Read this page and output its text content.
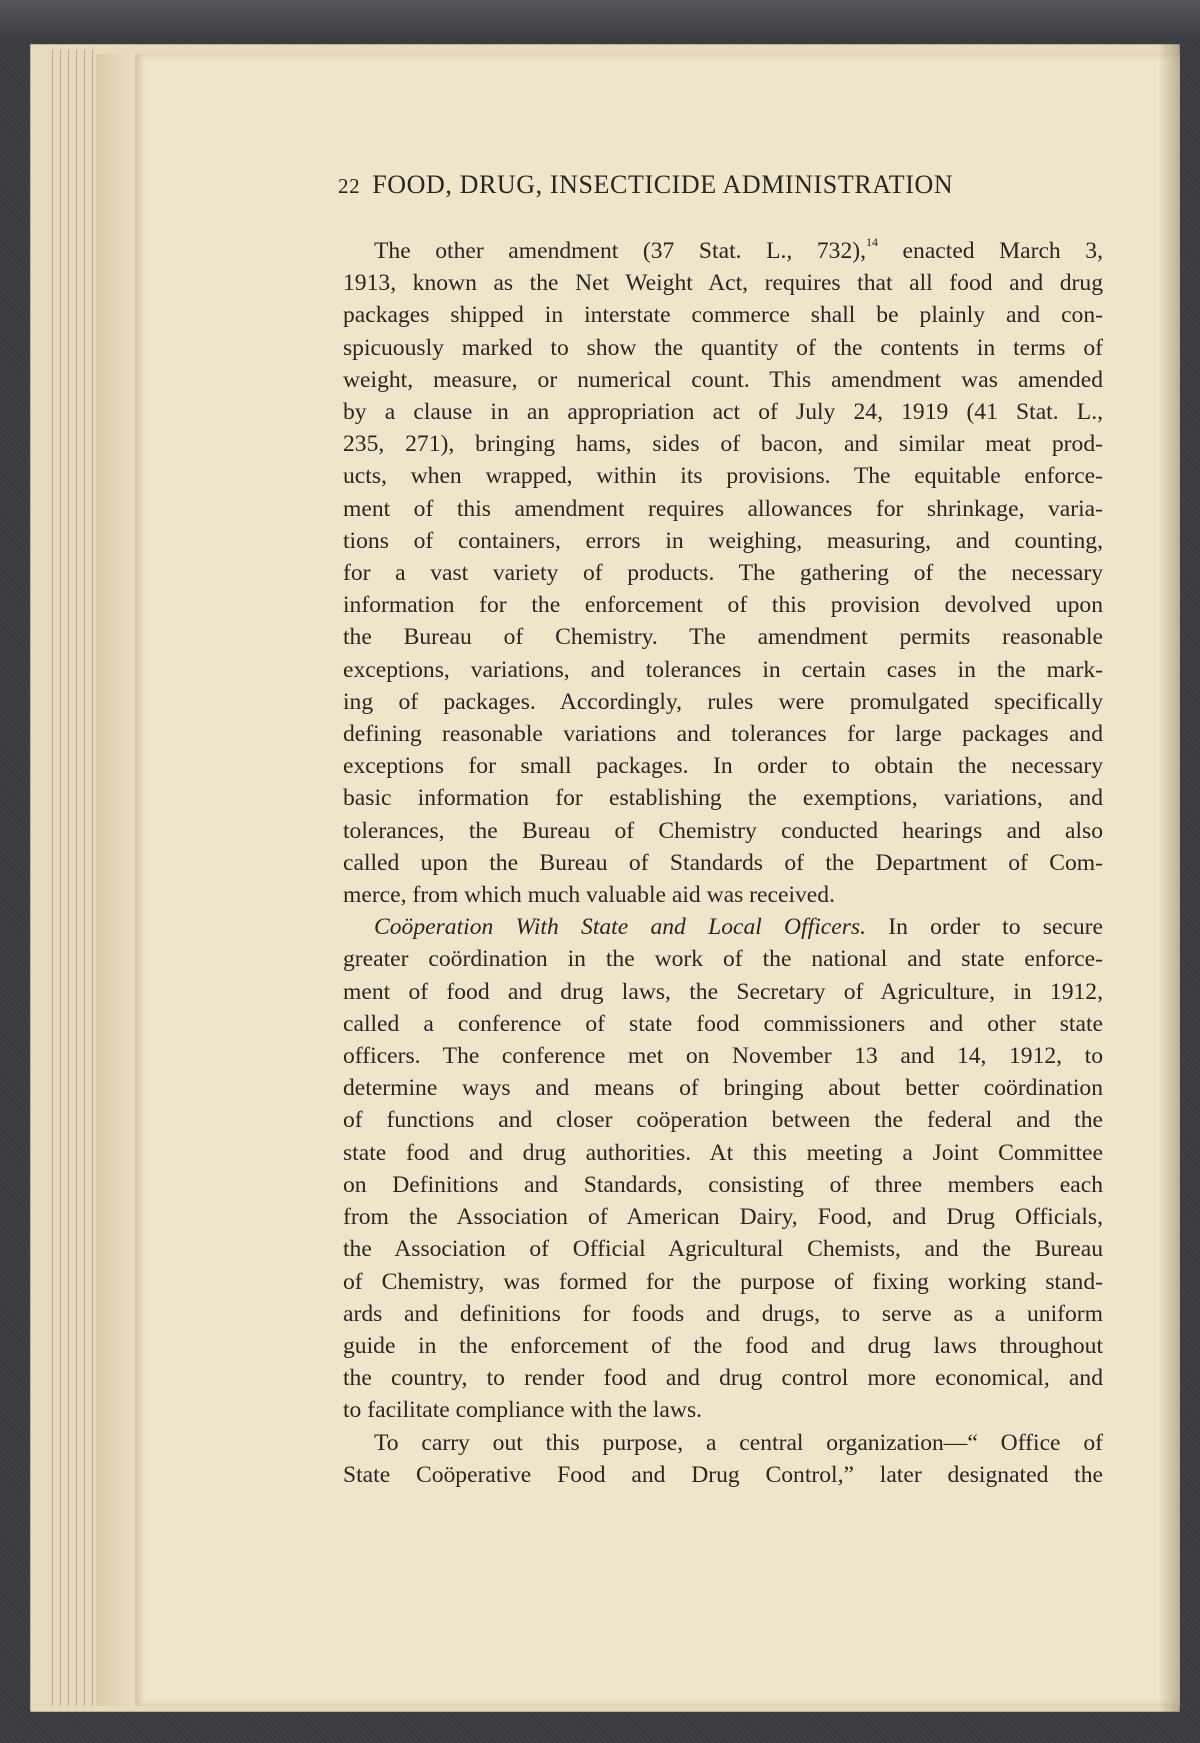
22 FOOD, DRUG, INSECTICIDE ADMINISTRATION
The other amendment (37 Stat. L., 732),$^{14}$ enacted March 3,
1913, known as the Net Weight Act, requires that all food and drug
packages shipped in interstate commerce shall be plainly and con-
spicuously marked to show the quantity of the contents in terms of
weight, measure, or numerical count. This amendment was amended
by a clause in an appropriation act of July 24, 1919 (41 Stat. L.,
235, 271), bringing hams, sides of bacon, and similar meat prod-
ucts, when wrapped, within its provisions. The equitable enforce-
ment of this amendment requires allowances for shrinkage, varia-
tions of containers, errors in weighing, measuring, and counting,
for a vast variety of products. The gathering of the necessary
information for the enforcement of this provision devolved upon
the Bureau of Chemistry. The amendment permits reasonable
exceptions, variations, and tolerances in certain cases in the mark-
ing of packages. Accordingly, rules were promulgated specifically
defining reasonable variations and tolerances for large packages and
exceptions for small packages. In order to obtain the necessary
basic information for establishing the exemptions, variations, and
tolerances, the Bureau of Chemistry conducted hearings and also
called upon the Bureau of Standards of the Department of Com-
merce, from which much valuable aid was received.
Coöperation With State and Local Officers. In order to secure
greater coördination in the work of the national and state enforce-
ment of food and drug laws, the Secretary of Agriculture, in 1912,
called a conference of state food commissioners and other state
officers. The conference met on November 13 and 14, 1912, to
determine ways and means of bringing about better coördination
of functions and closer coöperation between the federal and the
state food and drug authorities. At this meeting a Joint Committee
on Definitions and Standards, consisting of three members each
from the Association of American Dairy, Food, and Drug Officials,
the Association of Official Agricultural Chemists, and the Bureau
of Chemistry, was formed for the purpose of fixing working stand-
ards and definitions for foods and drugs, to serve as a uniform
guide in the enforcement of the food and drug laws throughout
the country, to render food and drug control more economical, and
to facilitate compliance with the laws.
To carry out this purpose, a central organization—“ Office of
State Coöperative Food and Drug Control,” later designated the
